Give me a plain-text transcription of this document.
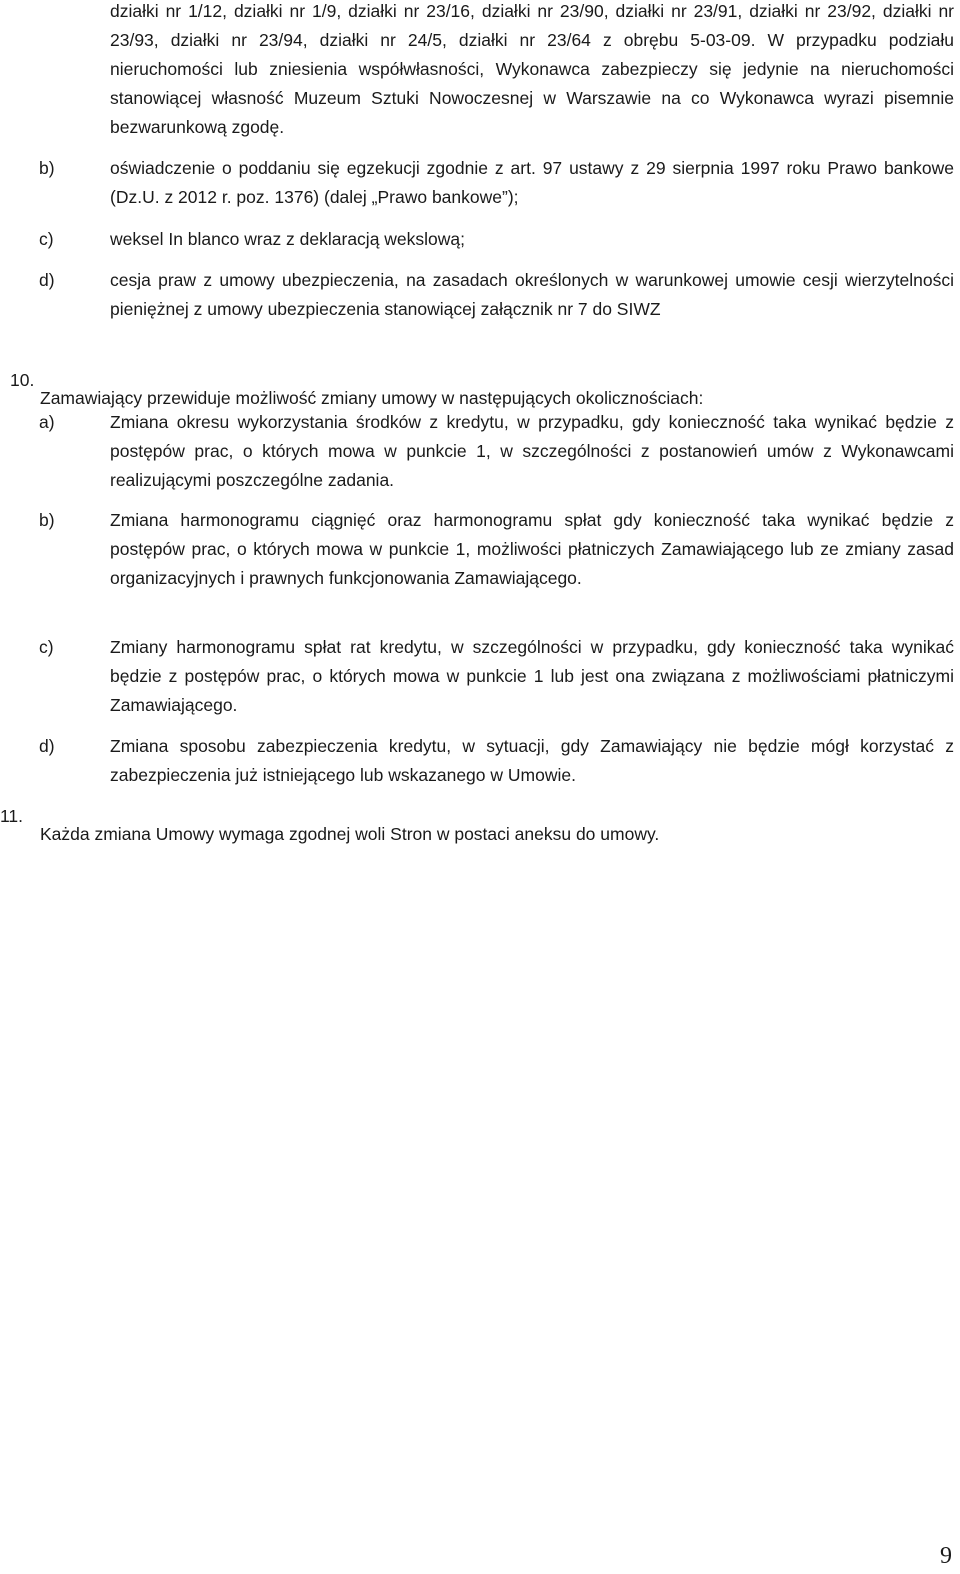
działki nr 1/12, działki nr 1/9, działki nr 23/16, działki nr 23/90, działki nr 23/91, działki nr 23/92, działki nr 23/93, działki nr 23/94, działki nr 24/5, działki nr 23/64 z obrębu 5-03-09. W przypadku podziału nieruchomości lub zniesienia współwłasności, Wykonawca zabezpieczy się jedynie na nieruchomości stanowiącej własność Muzeum Sztuki Nowoczesnej w Warszawie na co Wykonawca wyrazi pisemnie bezwarunkową zgodę.

b)	oświadczenie o poddaniu się egzekucji zgodnie z art. 97 ustawy z 29 sierpnia 1997 roku Prawo bankowe (Dz.U. z 2012 r. poz. 1376) (dalej „Prawo bankowe”);

c)	weksel In blanco wraz z deklaracją wekslową;

d)	cesja praw z umowy ubezpieczenia, na zasadach określonych w warunkowej umowie cesji wierzytelności pieniężnej z umowy ubezpieczenia stanowiącej załącznik nr 7 do SIWZ

10.

Zamawiający przewiduje możliwość zmiany umowy w następujących okolicznościach:

a)	Zmiana okresu wykorzystania środków z kredytu, w przypadku, gdy konieczność taka wynikać będzie z postępów prac, o których mowa w punkcie 1, w szczególności z postanowień umów z Wykonawcami realizującymi poszczególne zadania.

b)	Zmiana harmonogramu ciągnięć oraz harmonogramu spłat gdy konieczność taka wynikać będzie z postępów prac, o których mowa w punkcie 1, możliwości płatniczych Zamawiającego lub ze zmiany zasad organizacyjnych i prawnych funkcjonowania Zamawiającego.

c)	Zmiany harmonogramu spłat rat kredytu, w szczególności w przypadku, gdy konieczność taka wynikać będzie z postępów prac, o których mowa w punkcie 1 lub jest ona związana z możliwościami płatniczymi Zamawiającego.

d)	Zmiana sposobu zabezpieczenia kredytu, w sytuacji, gdy Zamawiający nie będzie mógł korzystać z zabezpieczenia już istniejącego lub wskazanego w Umowie.

11.

Każda zmiana Umowy wymaga zgodnej woli Stron w postaci aneksu do umowy.

9
